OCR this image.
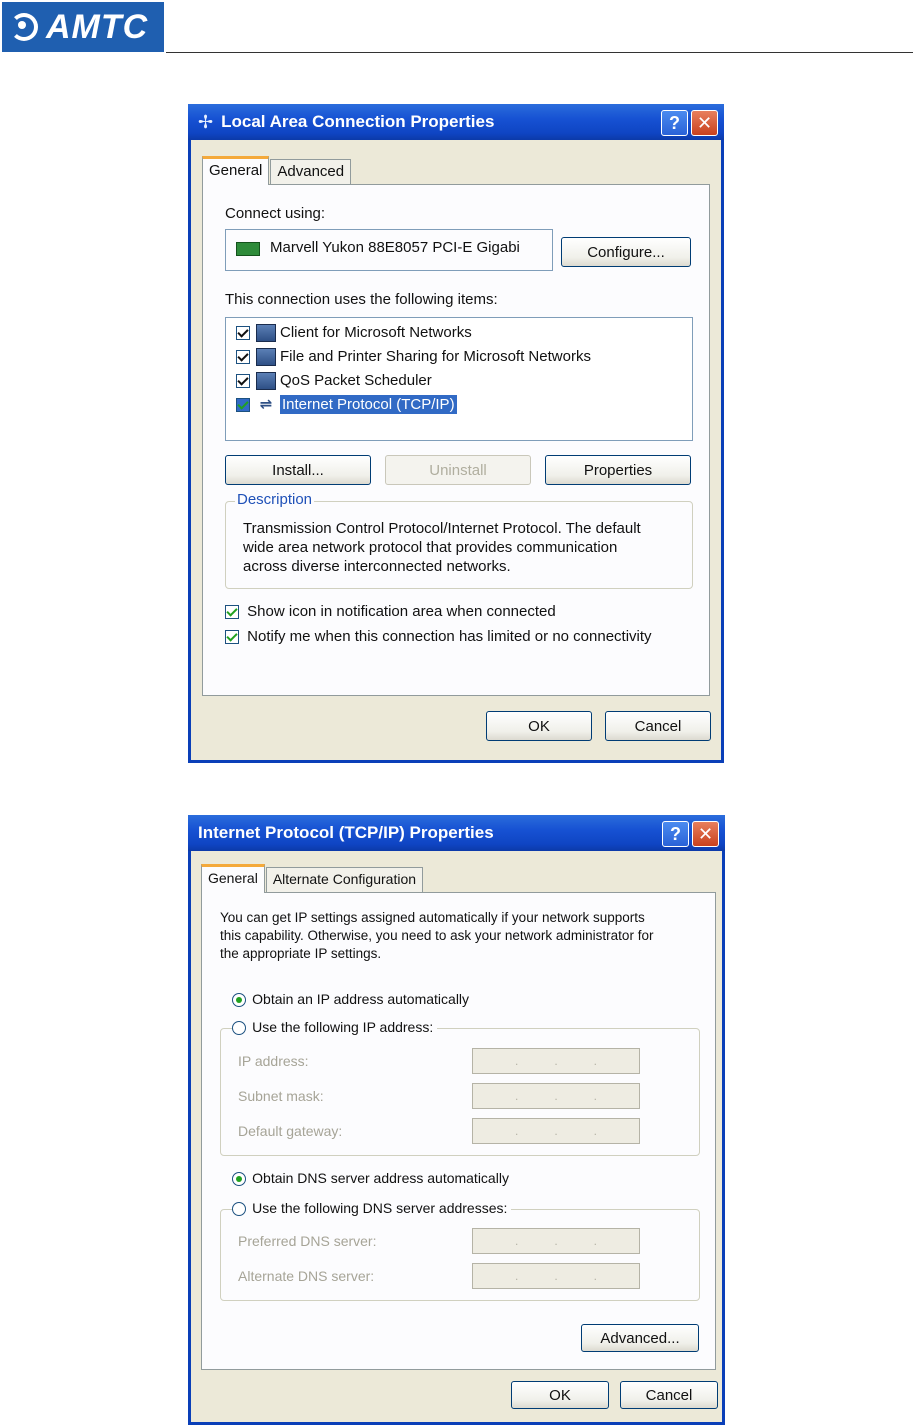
AMTC
✢ Local Area Connection Properties	? ✕
General	Advanced
Connect using:
Marvell Yukon 88E8057 PCI-E Gigabi	Configure...
This connection uses the following items:
Client for Microsoft Networks
File and Printer Sharing for Microsoft Networks
QoS Packet Scheduler
⇌ Internet Protocol (TCP/IP)
Install...	Uninstall	Properties
Description
Transmission Control Protocol/Internet Protocol. The default
wide area network protocol that provides communication
across diverse interconnected networks.
Show icon in notification area when connected
Notify me when this connection has limited or no connectivity
OK	Cancel
Internet Protocol (TCP/IP) Properties	? ✕
General	Alternate Configuration
You can get IP settings assigned automatically if your network supports
this capability. Otherwise, you need to ask your network administrator for
the appropriate IP settings.
Obtain an IP address automatically
Use the following IP address:
IP address:	.	.	.
Subnet mask:	.	.	.
Default gateway:	.	.	.
Obtain DNS server address automatically
Use the following DNS server addresses:
Preferred DNS server:	.	.	.
Alternate DNS server:	.	.	.
Advanced...
OK	Cancel
